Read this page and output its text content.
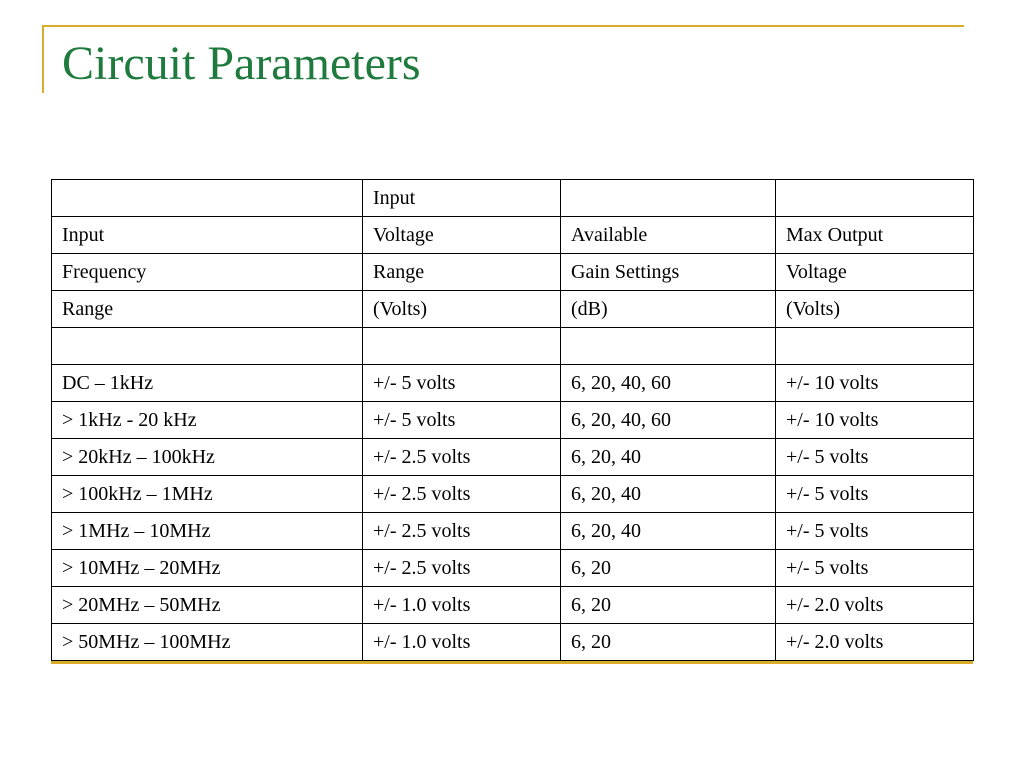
Circuit Parameters
	Input		
Input	Voltage	Available	Max Output
Frequency	Range	Gain Settings	Voltage
Range	(Volts)	(dB)	(Volts)

DC – 1kHz	+/- 5 volts	6, 20, 40, 60	+/- 10 volts
> 1kHz - 20 kHz	+/- 5 volts	6, 20, 40, 60	+/- 10 volts
> 20kHz – 100kHz	+/- 2.5 volts	6, 20, 40	+/- 5 volts
> 100kHz – 1MHz	+/- 2.5 volts	6, 20, 40	+/- 5 volts
> 1MHz – 10MHz	+/- 2.5 volts	6, 20, 40	+/- 5 volts
> 10MHz – 20MHz	+/- 2.5 volts	6, 20	+/- 5 volts
> 20MHz – 50MHz	+/- 1.0 volts	6, 20	+/- 2.0 volts
> 50MHz – 100MHz	+/- 1.0 volts	6, 20	+/- 2.0 volts
